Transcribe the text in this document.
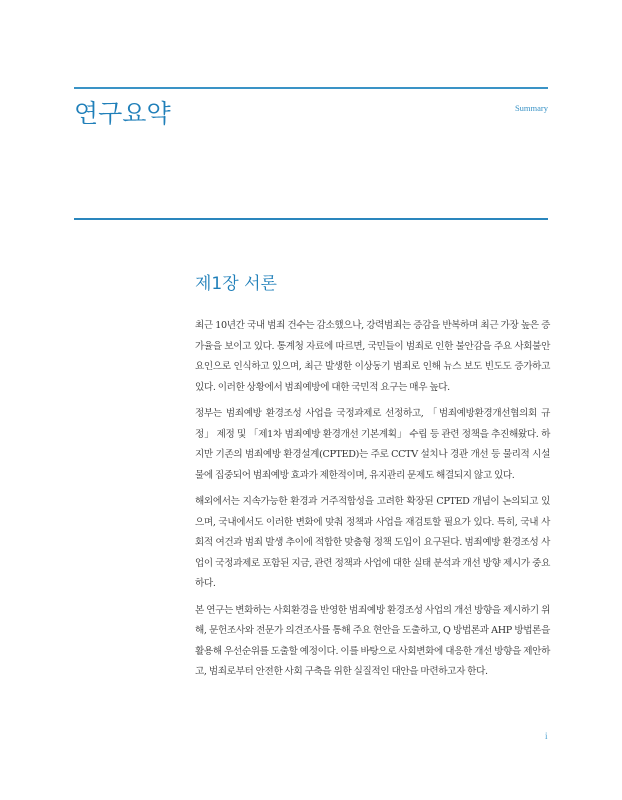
연구요약	Summary
제1장 서론

최근 10년간 국내 범죄 건수는 감소했으나, 강력범죄는 증감을 반복하며 최근 가장 높은 증가율을 보이고 있다. 통계청 자료에 따르면, 국민들이 범죄로 인한 불안감을 주요 사회불안 요인으로 인식하고 있으며, 최근 발생한 이상동기 범죄로 인해 뉴스 보도 빈도도 증가하고 있다. 이러한 상황에서 범죄예방에 대한 국민적 요구는 매우 높다.

정부는 범죄예방 환경조성 사업을 국정과제로 선정하고, 「범죄예방환경개선협의회 규정」 제정 및 「제1차 범죄예방 환경개선 기본계획」 수립 등 관련 정책을 추진해왔다. 하지만 기존의 범죄예방 환경설계(CPTED)는 주로 CCTV 설치나 경관 개선 등 물리적 시설물에 집중되어 범죄예방 효과가 제한적이며, 유지관리 문제도 해결되지 않고 있다.

해외에서는 지속가능한 환경과 거주적합성을 고려한 확장된 CPTED 개념이 논의되고 있으며, 국내에서도 이러한 변화에 맞춰 정책과 사업을 재검토할 필요가 있다. 특히, 국내 사회적 여건과 범죄 발생 추이에 적합한 맞춤형 정책 도입이 요구된다. 범죄예방 환경조성 사업이 국정과제로 포함된 지금, 관련 정책과 사업에 대한 실태 분석과 개선 방향 제시가 중요하다.

본 연구는 변화하는 사회환경을 반영한 범죄예방 환경조성 사업의 개선 방향을 제시하기 위해, 문헌조사와 전문가 의견조사를 통해 주요 현안을 도출하고, Q 방법론과 AHP 방법론을 활용해 우선순위를 도출할 예정이다. 이를 바탕으로 사회변화에 대응한 개선 방향을 제안하고, 범죄로부터 안전한 사회 구축을 위한 실질적인 대안을 마련하고자 한다.

i
